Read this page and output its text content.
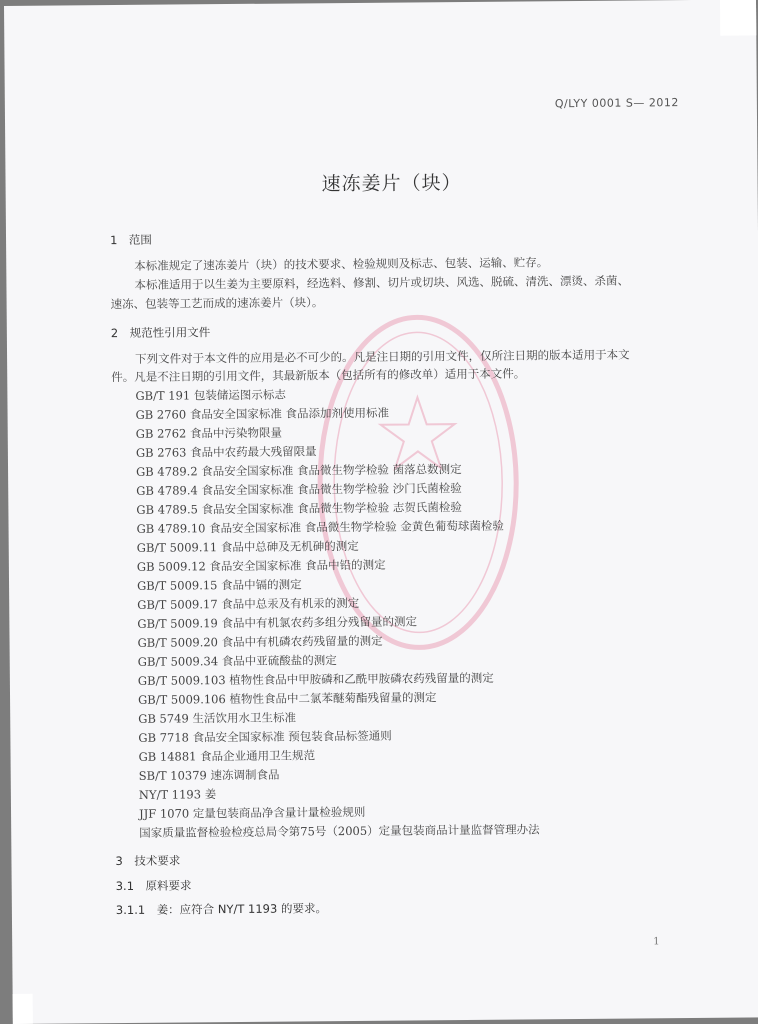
Q/LYY 0001 S— 2012
速冻姜片（块）
1　范围
本标准规定了速冻姜片（块）的技术要求、检验规则及标志、包装、运输、贮存。
本标准适用于以生姜为主要原料，经选料、修割、切片或切块、风选、脱硫、清洗、漂烫、杀菌、
速冻、包装等工艺而成的速冻姜片（块）。
2　规范性引用文件
下列文件对于本文件的应用是必不可少的。凡是注日期的引用文件，仅所注日期的版本适用于本文
件。凡是不注日期的引用文件，其最新版本（包括所有的修改单）适用于本文件。
GB/T 191 包装储运图示标志
GB 2760 食品安全国家标准 食品添加剂使用标准
GB 2762 食品中污染物限量
GB 2763 食品中农药最大残留限量
GB 4789.2 食品安全国家标准 食品微生物学检验 菌落总数测定
GB 4789.4 食品安全国家标准 食品微生物学检验 沙门氏菌检验
GB 4789.5 食品安全国家标准 食品微生物学检验 志贺氏菌检验
GB 4789.10 食品安全国家标准 食品微生物学检验 金黄色葡萄球菌检验
GB/T 5009.11 食品中总砷及无机砷的测定
GB 5009.12 食品安全国家标准 食品中铅的测定
GB/T 5009.15 食品中镉的测定
GB/T 5009.17 食品中总汞及有机汞的测定
GB/T 5009.19 食品中有机氯农药多组分残留量的测定
GB/T 5009.20 食品中有机磷农药残留量的测定
GB/T 5009.34 食品中亚硫酸盐的测定
GB/T 5009.103 植物性食品中甲胺磷和乙酰甲胺磷农药残留量的测定
GB/T 5009.106 植物性食品中二氯苯醚菊酯残留量的测定
GB 5749 生活饮用水卫生标准
GB 7718 食品安全国家标准 预包装食品标签通则
GB 14881 食品企业通用卫生规范
SB/T 10379 速冻调制食品
NY/T 1193 姜
JJF 1070 定量包装商品净含量计量检验规则
国家质量监督检验检疫总局令第75号（2005）定量包装商品计量监督管理办法
3　技术要求
3.1　原料要求
3.1.1　姜：应符合 NY/T 1193 的要求。
1
